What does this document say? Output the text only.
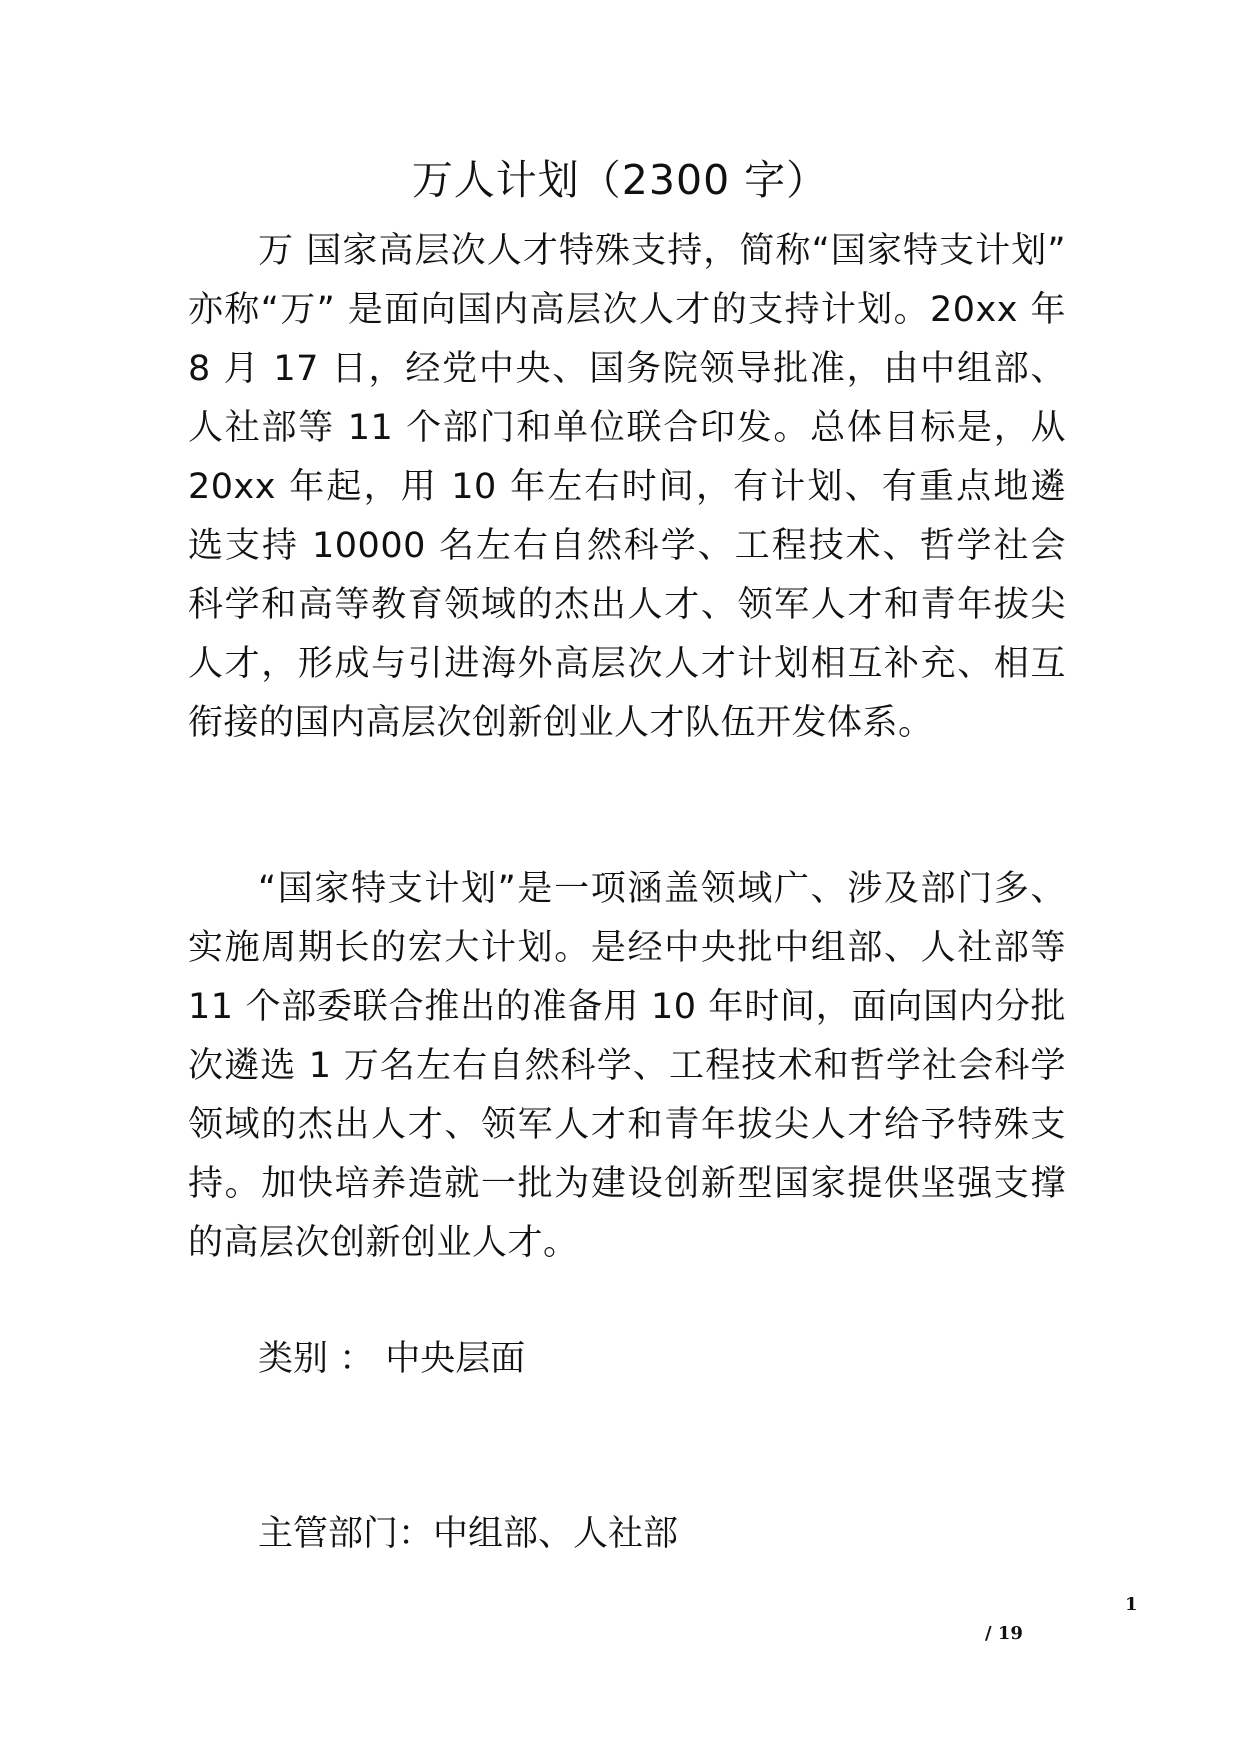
万人计划（2300 字）

万 国家高层次人才特殊支持，简称“国家特支计划” 亦称“万” 是面向国内高层次人才的支持计划。20xx 年 8 月 17 日，经党中央、国务院领导批准，由中组部、人社部等 11 个部门和单位联合印发。总体目标是，从 20xx 年起，用 10 年左右时间，有计划、有重点地遴选支持 10000 名左右自然科学、工程技术、哲学社会科学和高等教育领域的杰出人才、领军人才和青年拔尖人才，形成与引进海外高层次人才计划相互补充、相互衔接的国内高层次创新创业人才队伍开发体系。

“国家特支计划”是一项涵盖领域广、涉及部门多、实施周期长的宏大计划。是经中央批中组部、人社部等 11 个部委联合推出的准备用 10 年时间，面向国内分批次遴选 1 万名左右自然科学、工程技术和哲学社会科学领域的杰出人才、领军人才和青年拔尖人才给予特殊支持。加快培养造就一批为建设创新型国家提供坚强支撑的高层次创新创业人才。

类别 ： 中央层面

主管部门：中组部、人社部

1
/ 19
